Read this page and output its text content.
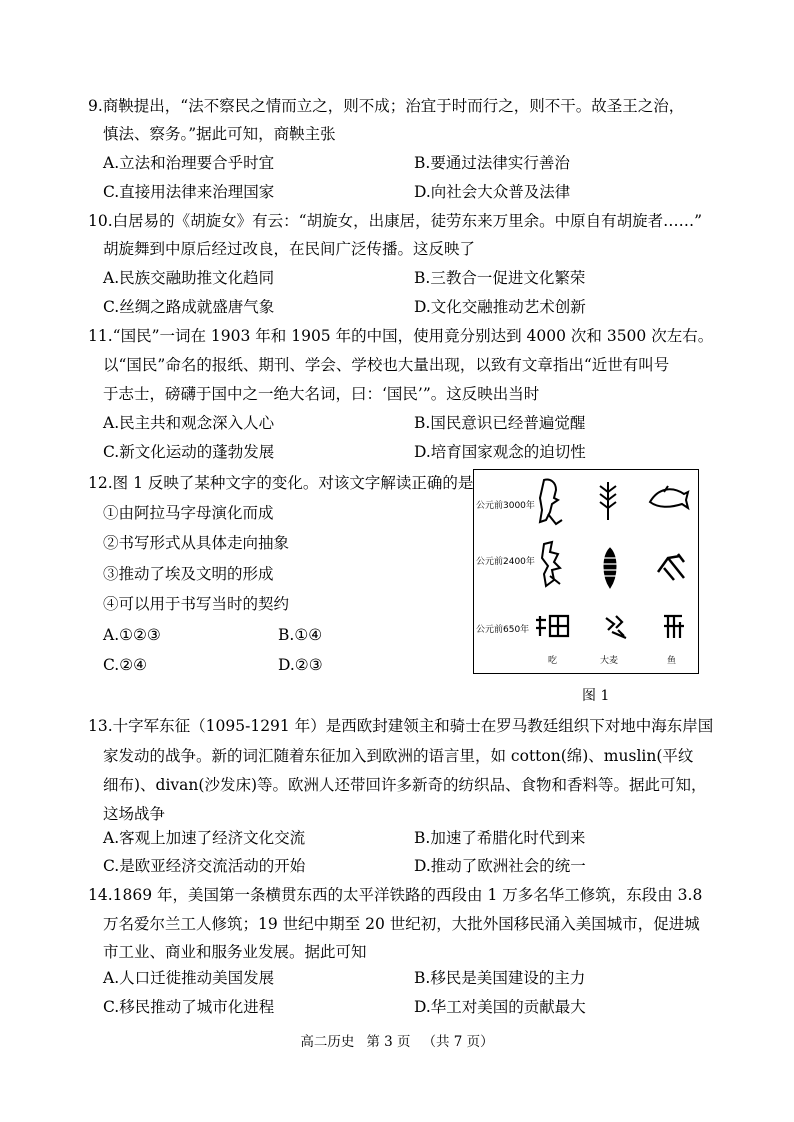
9.商鞅提出，“法不察民之情而立之，则不成；治宜于时而行之，则不干。故圣王之治，
慎法、察务。”据此可知，商鞅主张
A.立法和治理要合乎时宜	B.要通过法律实行善治
C.直接用法律来治理国家	D.向社会大众普及法律
10.白居易的《胡旋女》有云：“胡旋女，出康居，徒劳东来万里余。中原自有胡旋者……”
胡旋舞到中原后经过改良，在民间广泛传播。这反映了
A.民族交融助推文化趋同	B.三教合一促进文化繁荣
C.丝绸之路成就盛唐气象	D.文化交融推动艺术创新
11.“国民”一词在 1903 年和 1905 年的中国，使用竟分别达到 4000 次和 3500 次左右。
以“国民”命名的报纸、期刊、学会、学校也大量出现，以致有文章指出“近世有叫号
于志士，磅礴于国中之一绝大名词，曰：‘国民’”。这反映出当时
A.民主共和观念深入人心	B.国民意识已经普遍觉醒
C.新文化运动的蓬勃发展	D.培育国家观念的迫切性
12.图 1 反映了某种文字的变化。对该文字解读正确的是
①由阿拉马字母演化而成
②书写形式从具体走向抽象
③推动了埃及文明的形成
④可以用于书写当时的契约
A.①②③	B.①④
C.②④	D.②③
公元前3000年
公元前2400年
公元前650年
吃	大麦	鱼
图 1
13.十字军东征（1095-1291 年）是西欧封建领主和骑士在罗马教廷组织下对地中海东岸国
家发动的战争。新的词汇随着东征加入到欧洲的语言里，如 cotton(绵)、muslin(平纹
细布)、divan(沙发床)等。欧洲人还带回许多新奇的纺织品、食物和香料等。据此可知，
这场战争
A.客观上加速了经济文化交流	B.加速了希腊化时代到来
C.是欧亚经济交流活动的开始	D.推动了欧洲社会的统一
14.1869 年，美国第一条横贯东西的太平洋铁路的西段由 1 万多名华工修筑，东段由 3.8
万名爱尔兰工人修筑；19 世纪中期至 20 世纪初，大批外国移民涌入美国城市，促进城
市工业、商业和服务业发展。据此可知
A.人口迁徙推动美国发展	B.移民是美国建设的主力
C.移民推动了城市化进程	D.华工对美国的贡献最大
高二历史 第 3 页 （共 7 页）
